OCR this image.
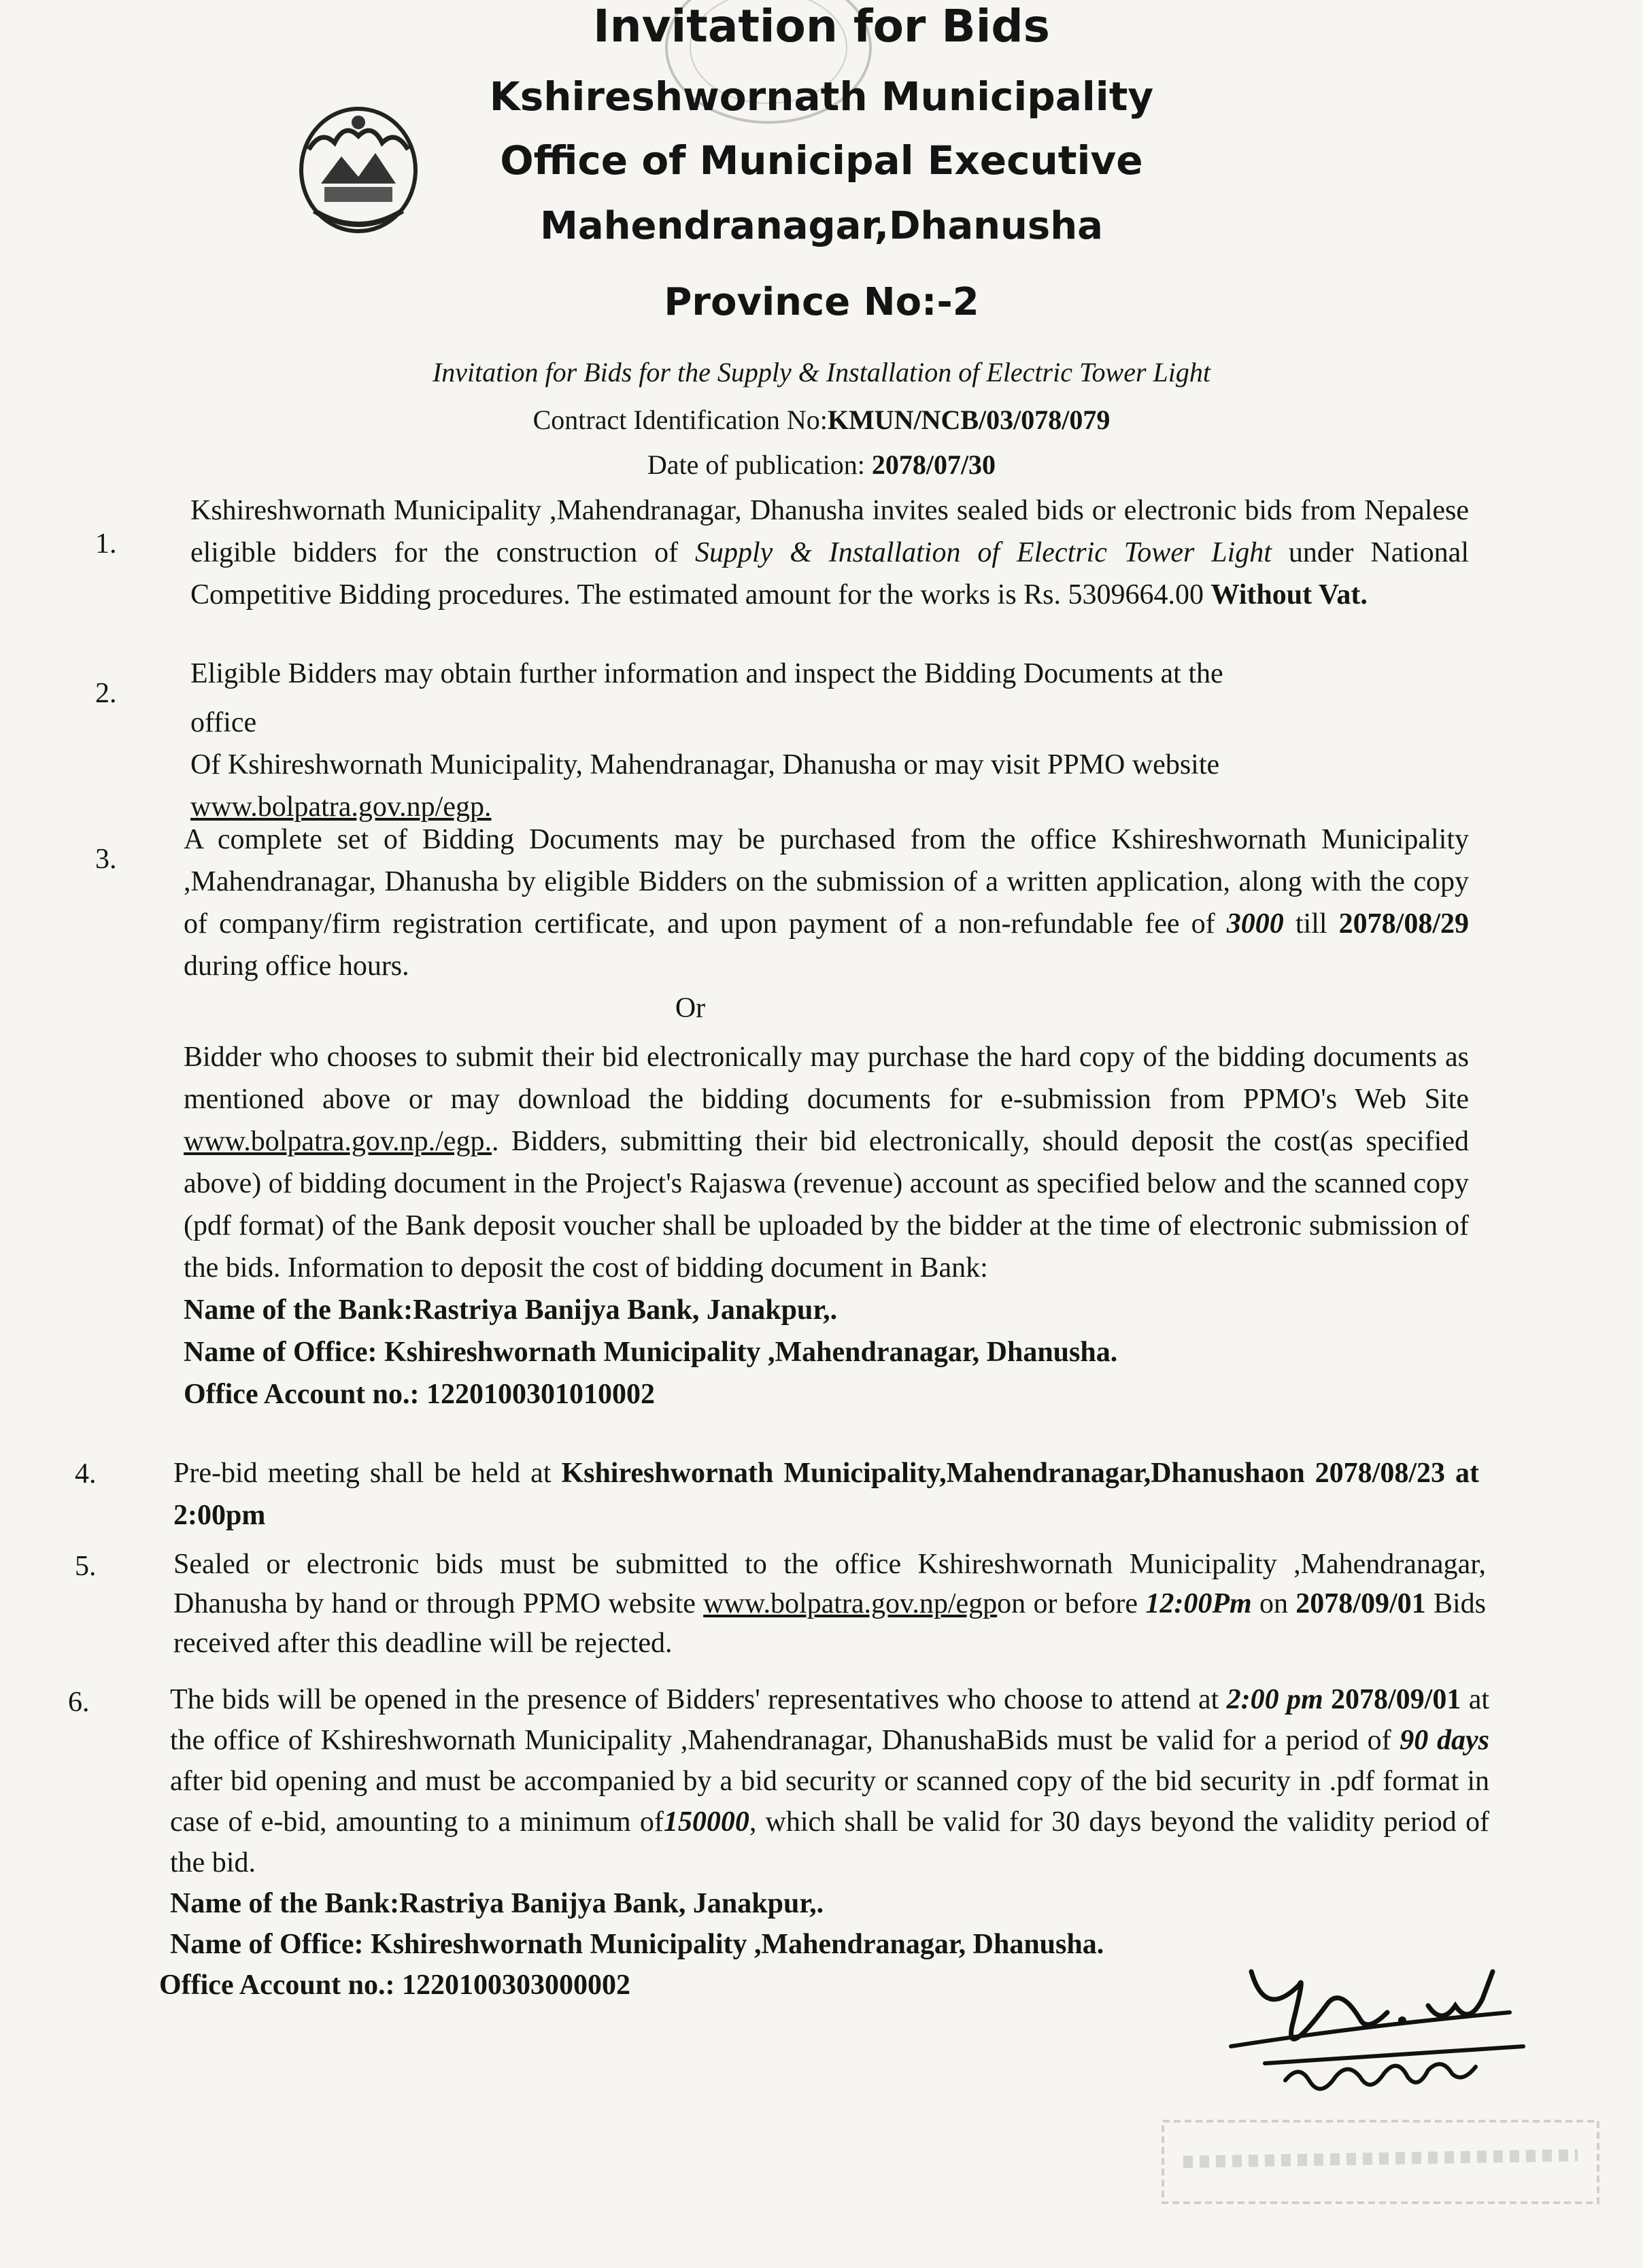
Invitation for Bids
Kshireshwornath Municipality
Office of Municipal Executive
Mahendranagar,Dhanusha
Province No:-2
Invitation for Bids for the Supply & Installation of Electric Tower Light
Contract Identification No:KMUN/NCB/03/078/079
Date of publication: 2078/07/30
1.
Kshireshwornath Municipality ,Mahendranagar, Dhanusha invites sealed bids or electronic bids from Nepalese eligible bidders for the construction of Supply & Installation of Electric Tower Light under National Competitive Bidding procedures. The estimated amount for the works is Rs. 5309664.00 Without Vat.
2.

Eligible Bidders may obtain further information and inspect the Bidding Documents at the

office

Of Kshireshwornath Municipality, Mahendranagar, Dhanusha or may visit PPMO website

www.bolpatra.gov.np/egp.

3.

A complete set of Bidding Documents may be purchased from the office Kshireshwornath Municipality ,Mahendranagar, Dhanusha by eligible Bidders on the submission of a written application, along with the copy of company/firm registration certificate, and upon payment of a non-refundable fee of 3000 till 2078/08/29 during office hours.

Or

Bidder who chooses to submit their bid electronically may purchase the hard copy of the bidding documents as mentioned above or may download the bidding documents for e-submission from PPMO's Web Site www.bolpatra.gov.np./egp.. Bidders, submitting their bid electronically, should deposit the cost(as specified above) of bidding document in the Project's Rajaswa (revenue) account as specified below and the scanned copy (pdf format) of the Bank deposit voucher shall be uploaded by the bidder at the time of electronic submission of the bids. Information to deposit the cost of bidding document in Bank:

Name of the Bank:Rastriya Banijya Bank, Janakpur,.

Name of Office: Kshireshwornath Municipality ,Mahendranagar, Dhanusha.

Office Account no.: 1220100301010002

4.	Pre-bid meeting shall be held at Kshireshwornath Municipality,Mahendranagar,Dhanushaon 2078/08/23 at 2:00pm
5.	Sealed or electronic bids must be submitted to the office Kshireshwornath Municipality ,Mahendranagar, Dhanusha by hand or through PPMO website www.bolpatra.gov.np/egpon or before 12:00Pm on 2078/09/01 Bids received after this deadline will be rejected.
6.	The bids will be opened in the presence of Bidders' representatives who choose to attend at 2:00 pm 2078/09/01 at the office of Kshireshwornath Municipality ,Mahendranagar, DhanushaBids must be valid for a period of 90 days after bid opening and must be accompanied by a bid security or scanned copy of the bid security in .pdf format in case of e-bid, amounting to a minimum of150000, which shall be valid for 30 days beyond the validity period of the bid.

Name of the Bank:Rastriya Banijya Bank, Janakpur,.

Name of Office: Kshireshwornath Municipality ,Mahendranagar, Dhanusha.

Office Account no.: 1220100303000002
